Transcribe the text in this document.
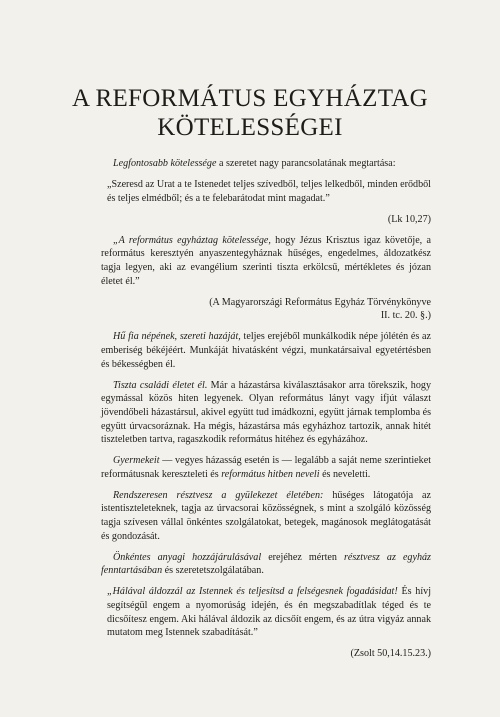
A REFORMÁTUS EGYHÁZTAG
KÖTELESSÉGEI

Legfontosabb kötelessége a szeretet nagy parancsolatának megtartása:

„Szeresd az Urat a te Istenedet teljes szívedből, teljes lelkedből, minden erődből és teljes elmédből; és a te felebarátodat mint magadat.”

(Lk 10,27)

„A református egyháztag kötelessége, hogy Jézus Krisztus igaz követője, a református keresztyén anyaszentegyháznak hűséges, engedelmes, áldozatkész tagja legyen, aki az evangélium szerinti tiszta erkölcsű, mértékletes és józan életet él.”

(A Magyarországi Református Egyház Törvénykönyve
II. tc. 20. §.)

Hű fia népének, szereti hazáját, teljes erejéből munkálkodik népe jólétén és az emberiség békéjéért. Munkáját hivatásként végzi, munkatársaival egyetértésben és békességben él.

Tiszta családi életet él. Már a házastársa kiválasztásakor arra törekszik, hogy egymással közös hiten legyenek. Olyan református lányt vagy ifjút választ jövendőbeli házastársul, akivel együtt tud imádkozni, együtt járnak templomba és együtt úrvacsoráznak. Ha mégis, házastársa más egyházhoz tartozik, annak hitét tiszteletben tartva, ragaszkodik református hitéhez és egyházához.

Gyermekeit — vegyes házasság esetén is — legalább a saját neme szerintieket reformátusnak kereszteleti és református hitben neveli és neveletti.

Rendszeresen résztvesz a gyülekezet életében: hűséges látogatója az istentiszteleteknek, tagja az úrvacsorai közösségnek, s mint a szolgáló közösség tagja szívesen vállal önkéntes szolgálatokat, betegek, magánosok meglátogatását és gondozását.

Önkéntes anyagi hozzájárulásával erejéhez mérten résztvesz az egyház fenntartásában és szeretetszolgálatában.

„Hálával áldozzál az Istennek és teljesítsd a felségesnek fogadásidat! És hívj segítségül engem a nyomorúság idején, és én megszabadítlak téged és te dicsőítesz engem. Aki hálával áldozik az dicsőít engem, és az útra vigyáz annak mutatom meg Istennek szabadítását.”

(Zsolt 50,14.15.23.)
